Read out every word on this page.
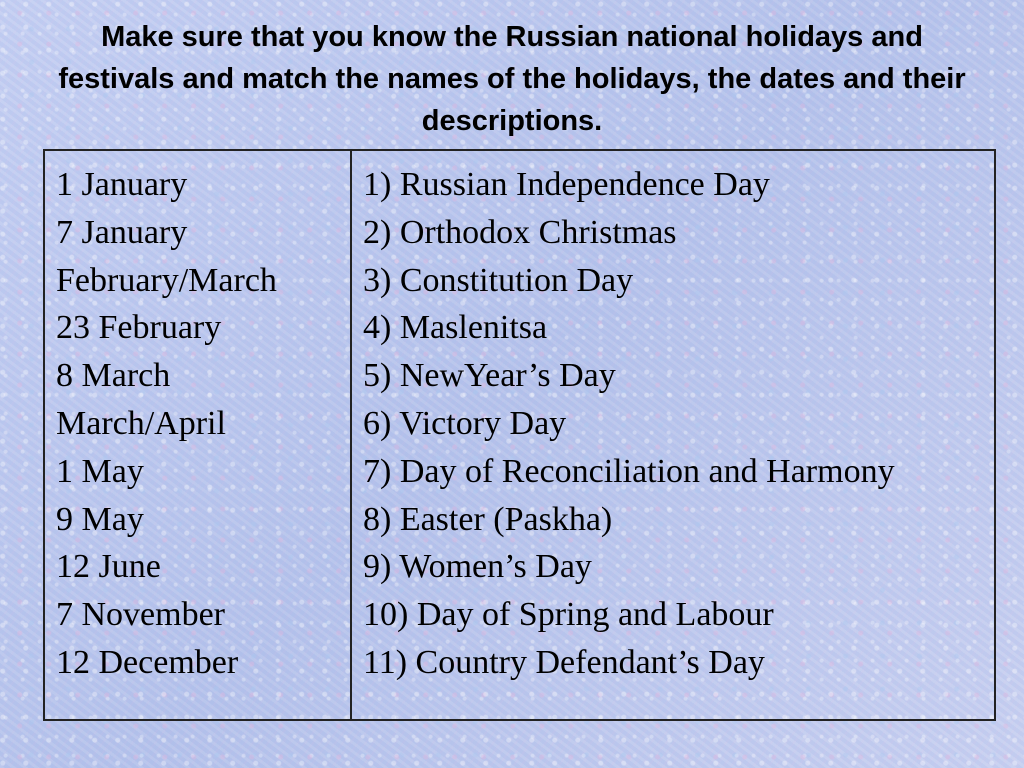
Make sure that you know the Russian national holidays and festivals and match the names of the holidays, the dates and their descriptions.
1 January
7 January
February/March
23 February
8 March
March/April
1 May
9 May
12 June
7 November
12 December
1) Russian Independence Day
2) Orthodox Christmas
3) Constitution Day
4) Maslenitsa
5) NewYear’s Day
6) Victory Day
7) Day of Reconciliation and Harmony
8) Easter (Paskha)
9) Women’s Day
10) Day of Spring and Labour
11) Country Defendant’s Day
